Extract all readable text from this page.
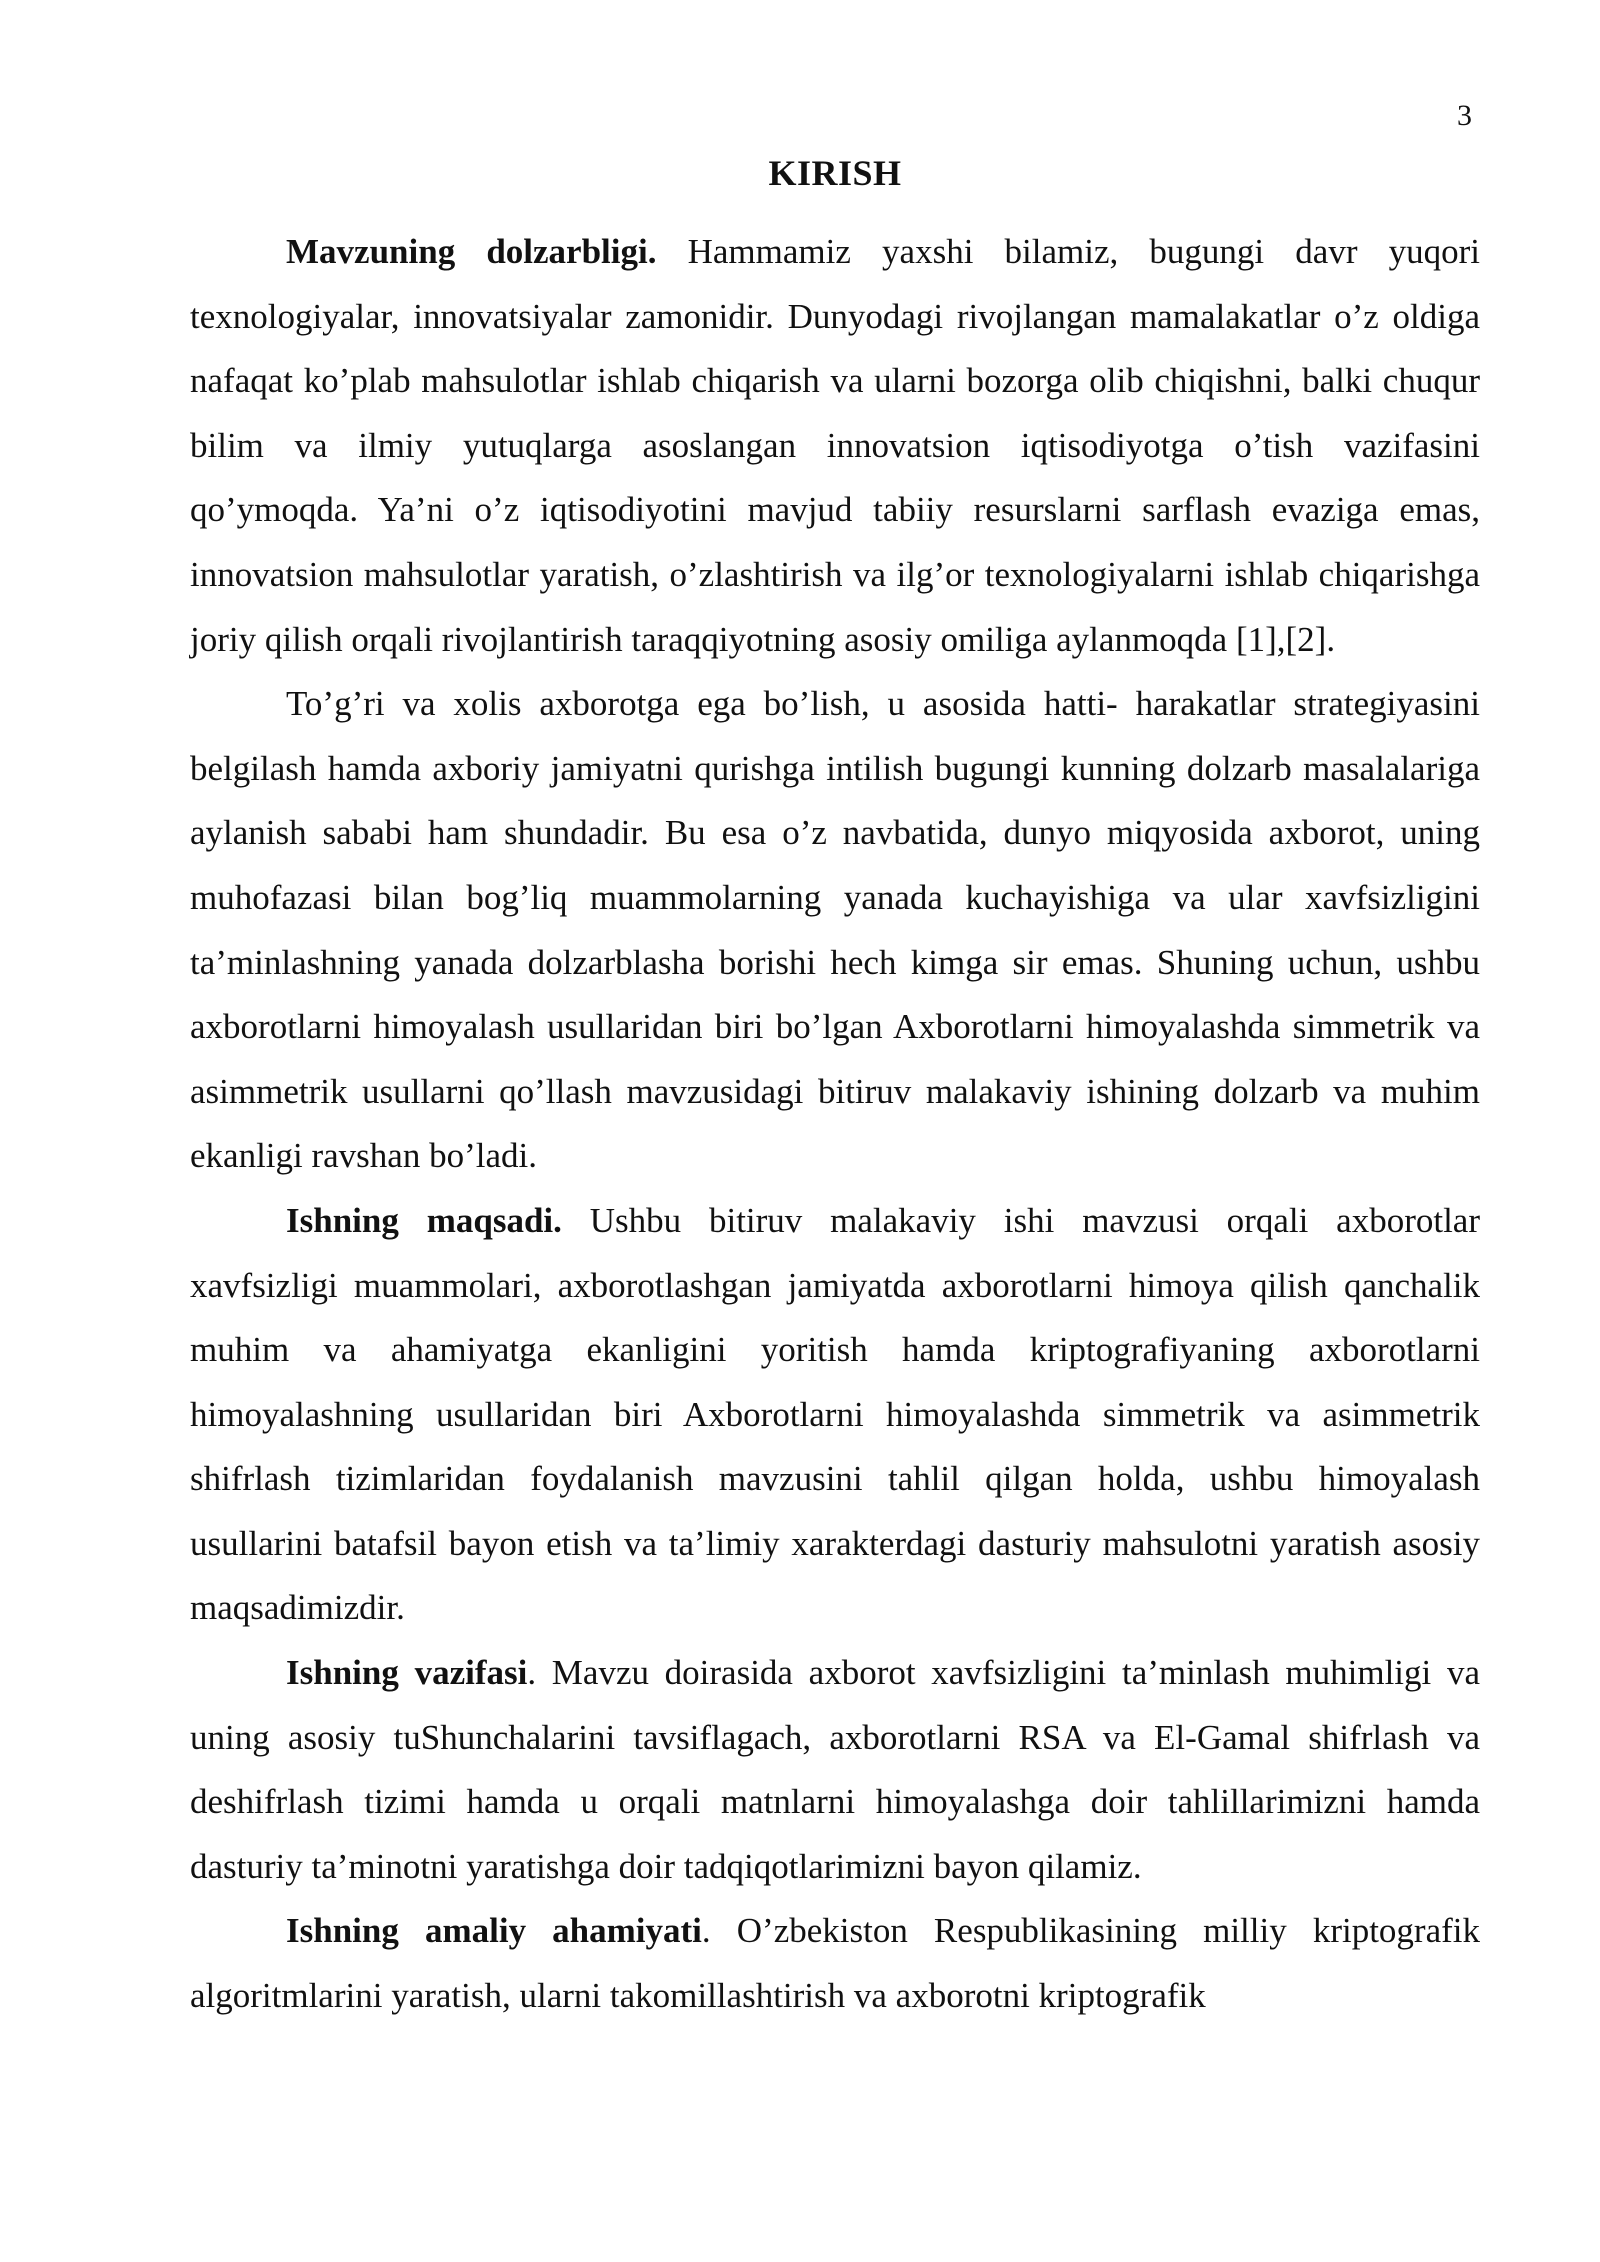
3
KIRISH

Mavzuning dolzarbligi. Hammamiz yaxshi bilamiz, bugungi davr yuqori texnologiyalar, innovatsiyalar zamonidir. Dunyodagi rivojlangan mamalakatlar o’z oldiga nafaqat ko’plab mahsulotlar ishlab chiqarish va ularni bozorga olib chiqishni, balki chuqur bilim va ilmiy yutuqlarga asoslangan innovatsion iqtisodiyotga o’tish vazifasini qo’ymoqda. Ya’ni o’z iqtisodiyotini mavjud tabiiy resurslarni sarflash evaziga emas, innovatsion mahsulotlar yaratish, o’zlashtirish va ilg’or texnologiyalarni ishlab chiqarishga joriy qilish orqali rivojlantirish taraqqiyotning asosiy omiliga aylanmoqda [1],[2].

To’g’ri va xolis axborotga ega bo’lish, u asosida hatti- harakatlar strategiyasini belgilash hamda axboriy jamiyatni qurishga intilish bugungi kunning dolzarb masalalariga aylanish sababi ham shundadir. Bu esa o’z navbatida, dunyo miqyosida axborot, uning muhofazasi bilan bog’liq muammolarning yanada kuchayishiga va ular xavfsizligini ta’minlashning yanada dolzarblasha borishi hech kimga sir emas. Shuning uchun, ushbu axborotlarni himoyalash usullaridan biri bo’lgan Axborotlarni himoyalashda simmetrik va asimmetrik usullarni qo’llash mavzusidagi bitiruv malakaviy ishining dolzarb va muhim ekanligi ravshan bo’ladi.

Ishning maqsadi. Ushbu bitiruv malakaviy ishi mavzusi orqali axborotlar xavfsizligi muammolari, axborotlashgan jamiyatda axborotlarni himoya qilish qanchalik muhim va ahamiyatga ekanligini yoritish hamda kriptografiyaning axborotlarni himoyalashning usullaridan biri Axborotlarni himoyalashda simmetrik va asimmetrik shifrlash tizimlaridan foydalanish mavzusini tahlil qilgan holda, ushbu himoyalash usullarini batafsil bayon etish va ta’limiy xarakterdagi dasturiy mahsulotni yaratish asosiy maqsadimizdir.

Ishning vazifasi. Mavzu doirasida axborot xavfsizligini ta’minlash muhimligi va uning asosiy tuShunchalarini tavsiflagach, axborotlarni RSA va El-Gamal shifrlash va deshifrlash tizimi hamda u orqali matnlarni himoyalashga doir tahlillarimizni hamda dasturiy ta’minotni yaratishga doir tadqiqotlarimizni bayon qilamiz.

Ishning amaliy ahamiyati. O’zbekiston Respublikasining milliy kriptografik algoritmlarini yaratish, ularni takomillashtirish va axborotni kriptografik
